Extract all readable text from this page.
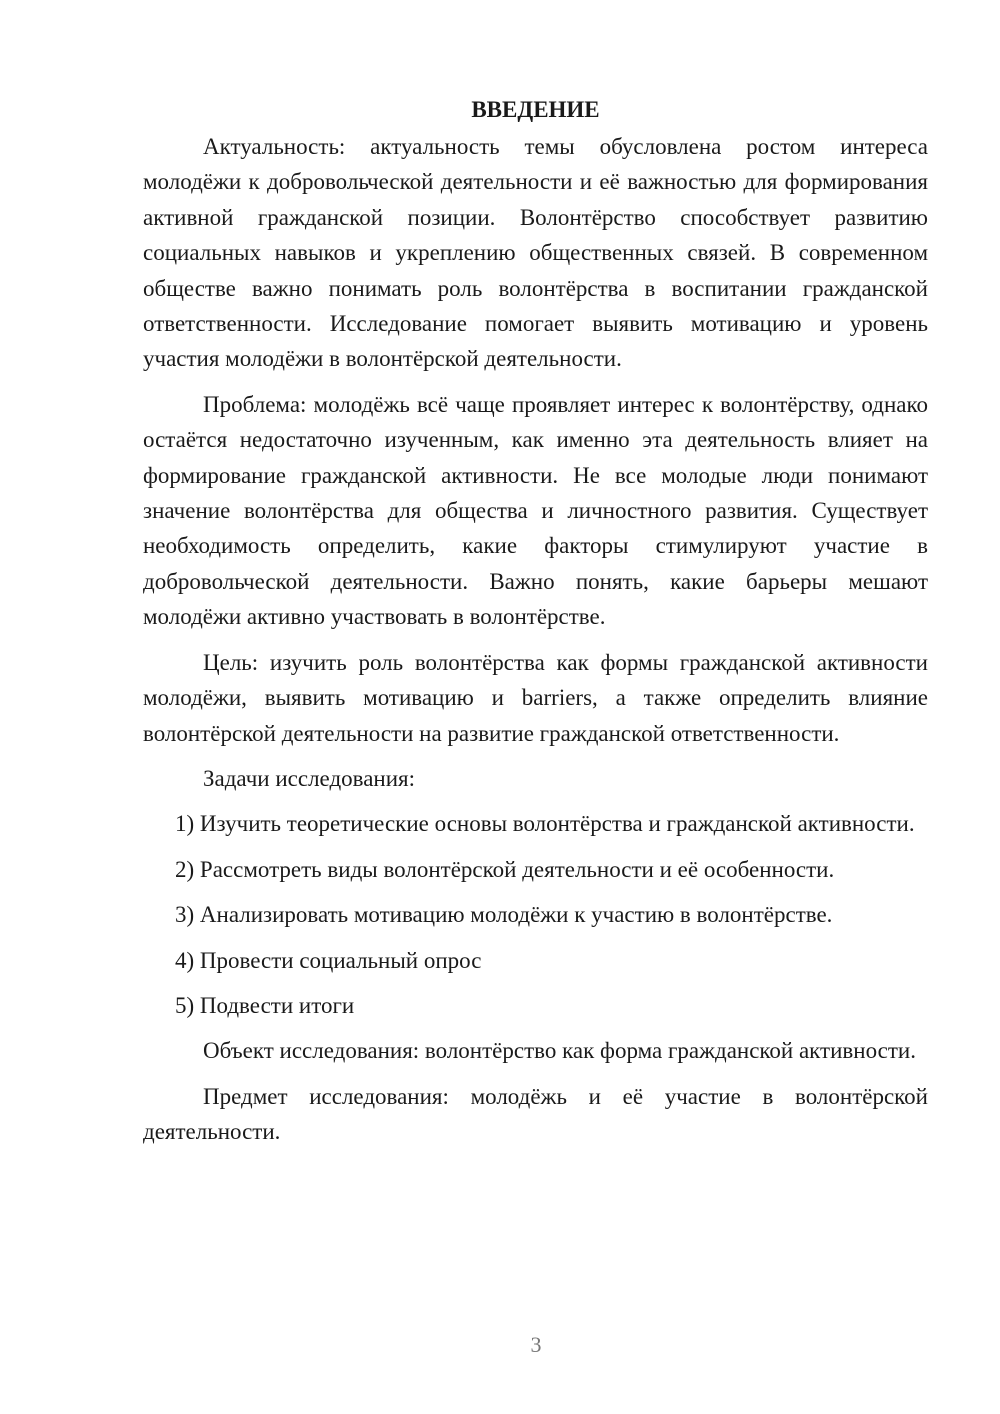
ВВЕДЕНИЕ

Актуальность: актуальность темы обусловлена ростом интереса молодёжи к добровольческой деятельности и её важностью для формирования активной гражданской позиции. Волонтёрство способствует развитию социальных навыков и укреплению общественных связей. В современном обществе важно понимать роль волонтёрства в воспитании гражданской ответственности. Исследование помогает выявить мотивацию и уровень участия молодёжи в волонтёрской деятельности.

Проблема: молодёжь всё чаще проявляет интерес к волонтёрству, однако остаётся недостаточно изученным, как именно эта деятельность влияет на формирование гражданской активности. Не все молодые люди понимают значение волонтёрства для общества и личностного развития. Существует необходимость определить, какие факторы стимулируют участие в добровольческой деятельности. Важно понять, какие барьеры мешают молодёжи активно участвовать в волонтёрстве.

Цель: изучить роль волонтёрства как формы гражданской активности молодёжи, выявить мотивацию и barriers, а также определить влияние волонтёрской деятельности на развитие гражданской ответственности.

Задачи исследования:

1) Изучить теоретические основы волонтёрства и гражданской активности.

2) Рассмотреть виды волонтёрской деятельности и её особенности.

3) Анализировать мотивацию молодёжи к участию в волонтёрстве.

4) Провести социальный опрос

5) Подвести итоги

Объект исследования: волонтёрство как форма гражданской активности.

Предмет исследования: молодёжь и её участие в волонтёрской деятельности.

3
